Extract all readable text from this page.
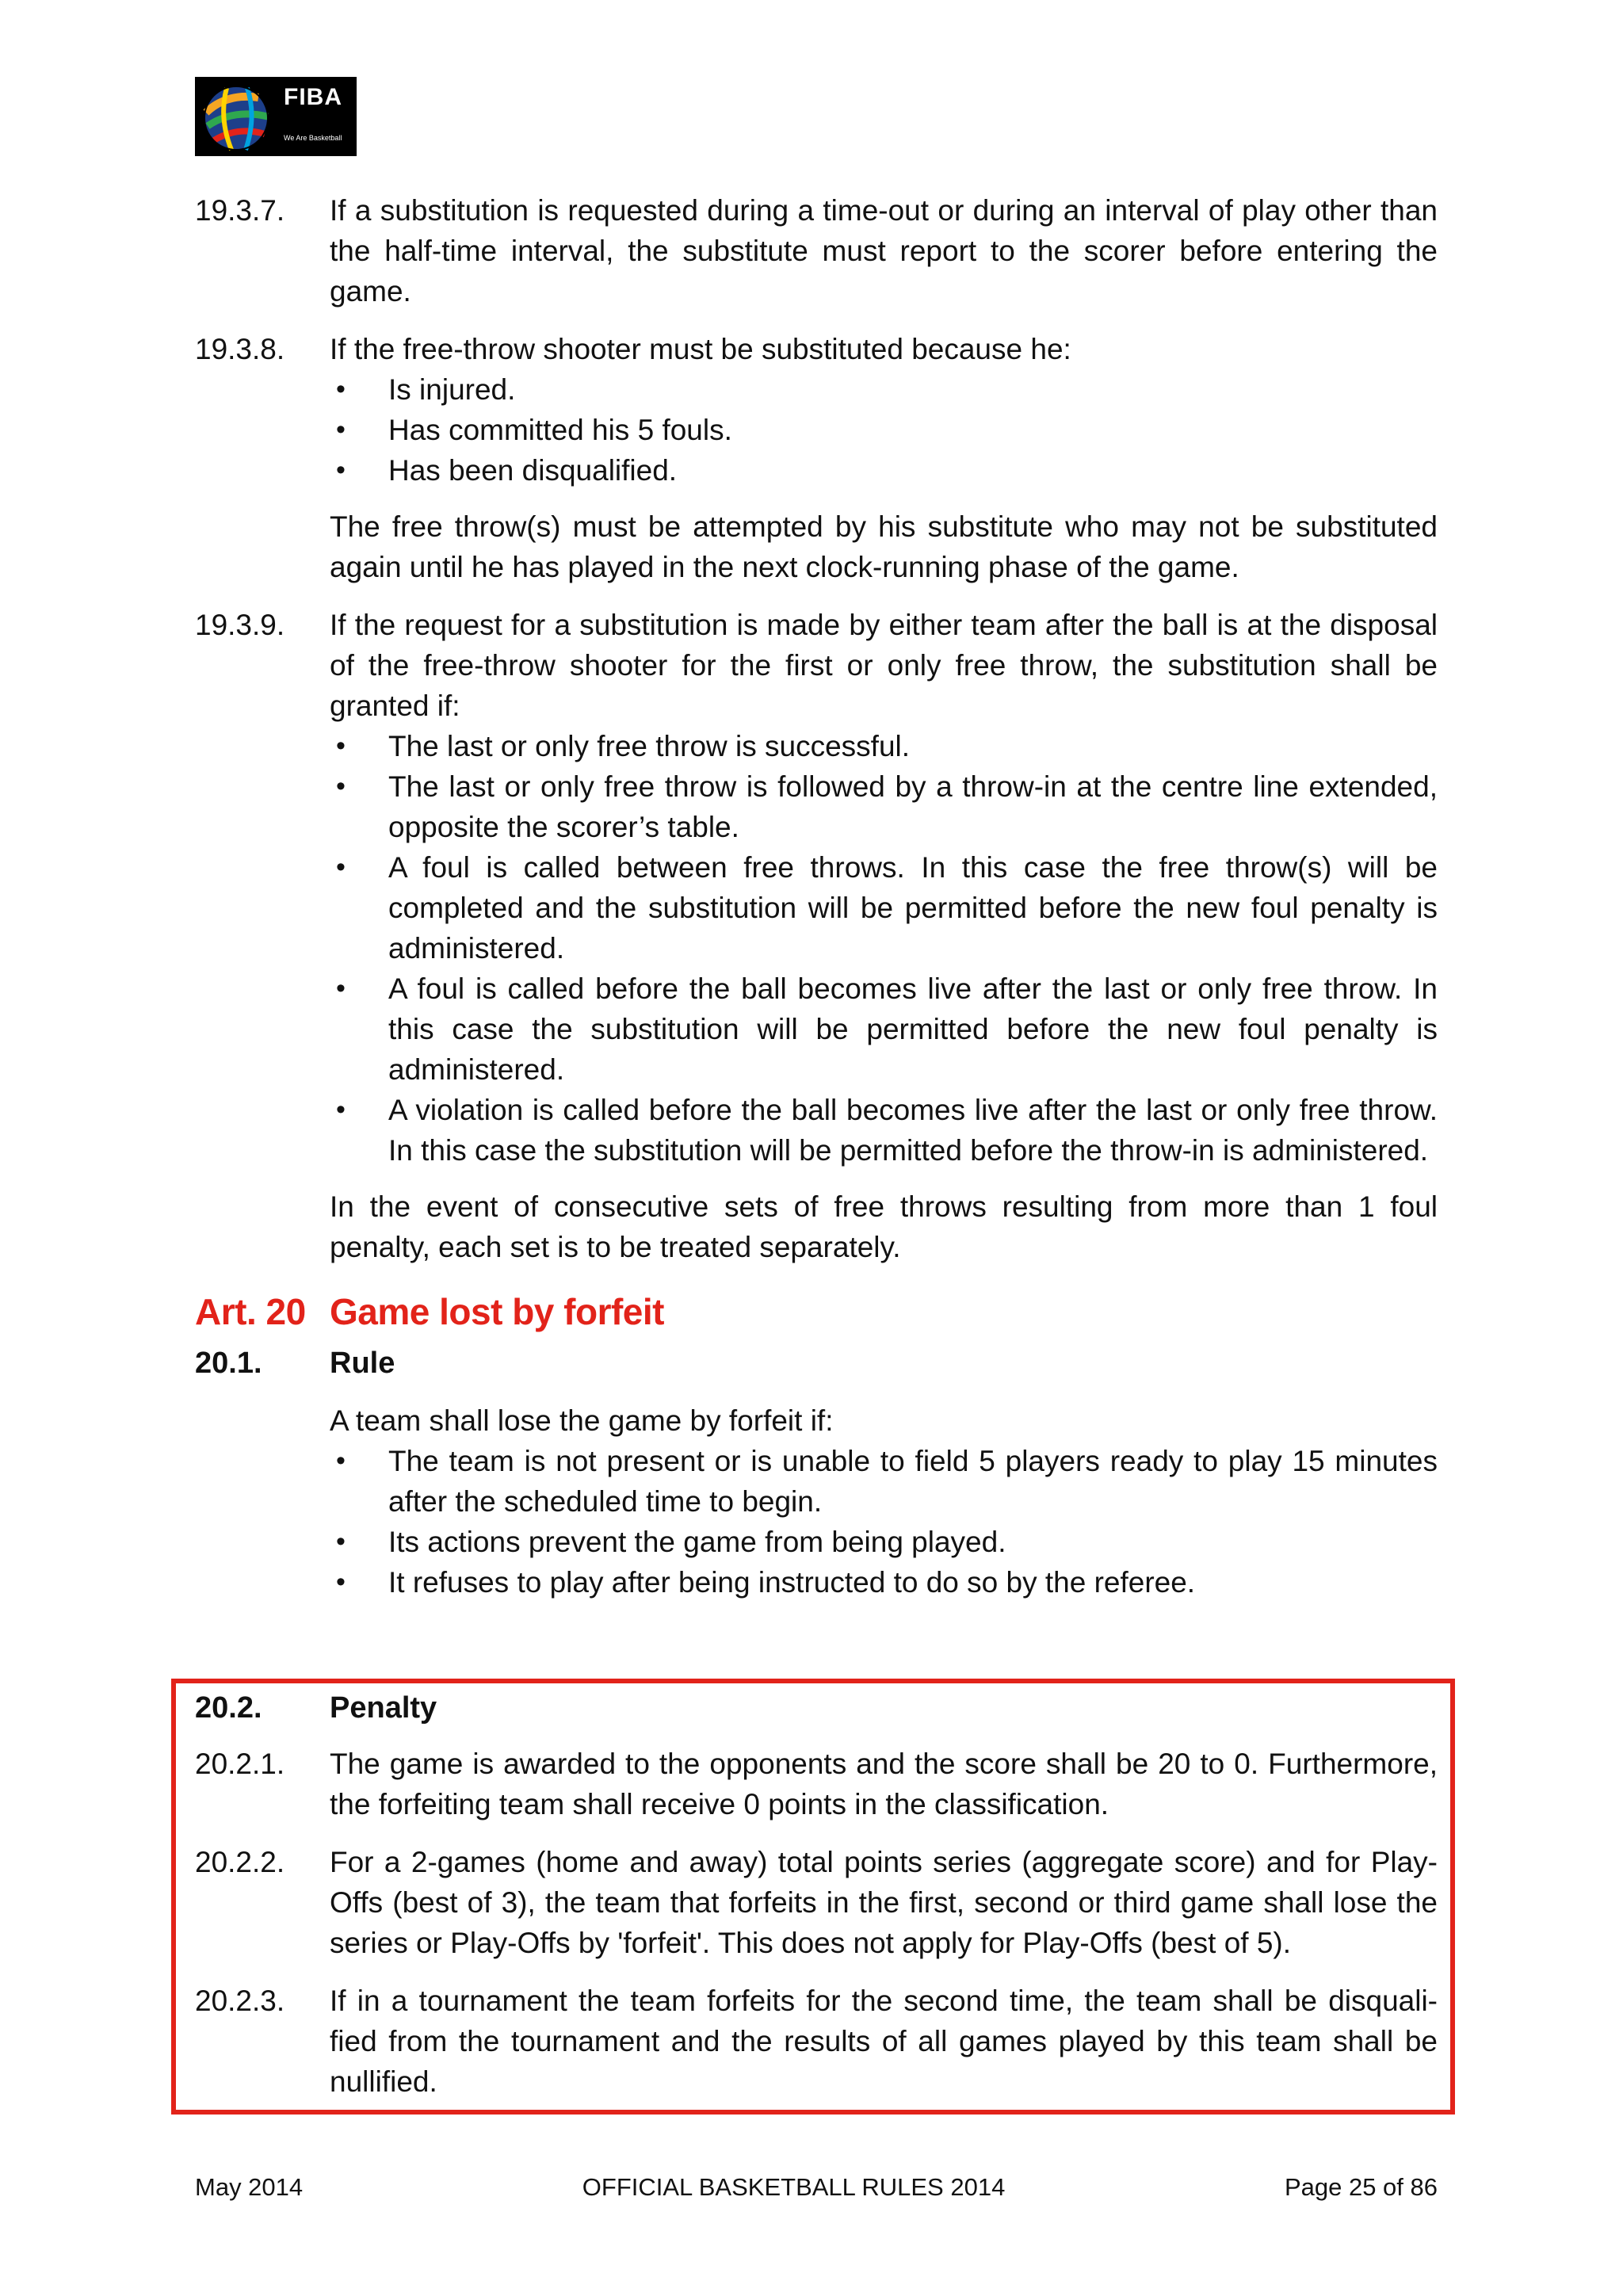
FIBA
We Are Basketball
19.3.7.	If a substitution is requested during a time-out or during an interval of play other than the half-time interval, the substitute must report to the scorer before entering the game.

19.3.8.	If the free-throw shooter must be substituted because he:

• Is injured.
• Has committed his 5 fouls.
• Has been disqualified.

The free throw(s) must be attempted by his substitute who may not be substituted again until he has played in the next clock-running phase of the game.

19.3.9.	If the request for a substitution is made by either team after the ball is at the disposal of the free-throw shooter for the first or only free throw, the substitution shall be granted if:

• The last or only free throw is successful.
• The last or only free throw is followed by a throw-in at the centre line extended, opposite the scorer’s table.
• A foul is called between free throws. In this case the free throw(s) will be completed and the substitution will be permitted before the new foul penalty is administered.
• A foul is called before the ball becomes live after the last or only free throw. In this case the substitution will be permitted before the new foul penalty is administered.
• A violation is called before the ball becomes live after the last or only free throw. In this case the substitution will be permitted before the throw-in is administered.

In the event of consecutive sets of free throws resulting from more than 1 foul penalty, each set is to be treated separately.

Art. 20 Game lost by forfeit
20.1.	Rule

A team shall lose the game by forfeit if:

• The team is not present or is unable to field 5 players ready to play 15 minutes after the scheduled time to begin.
• Its actions prevent the game from being played.
• It refuses to play after being instructed to do so by the referee.
20.2.	Penalty
20.2.1.	The game is awarded to the opponents and the score shall be 20 to 0. Furthermore, the forfeiting team shall receive 0 points in the classification.

20.2.2.	For a 2-games (home and away) total points series (aggregate score) and for Play-Offs (best of 3), the team that forfeits in the first, second or third game shall lose the series or Play-Offs by 'forfeit'. This does not apply for Play-Offs (best of 5).

20.2.3.	If in a tournament the team forfeits for the second time, the team shall be disquali-fied from the tournament and the results of all games played by this team shall be nullified.

May 2014	OFFICIAL BASKETBALL RULES 2014	Page 25 of 86
